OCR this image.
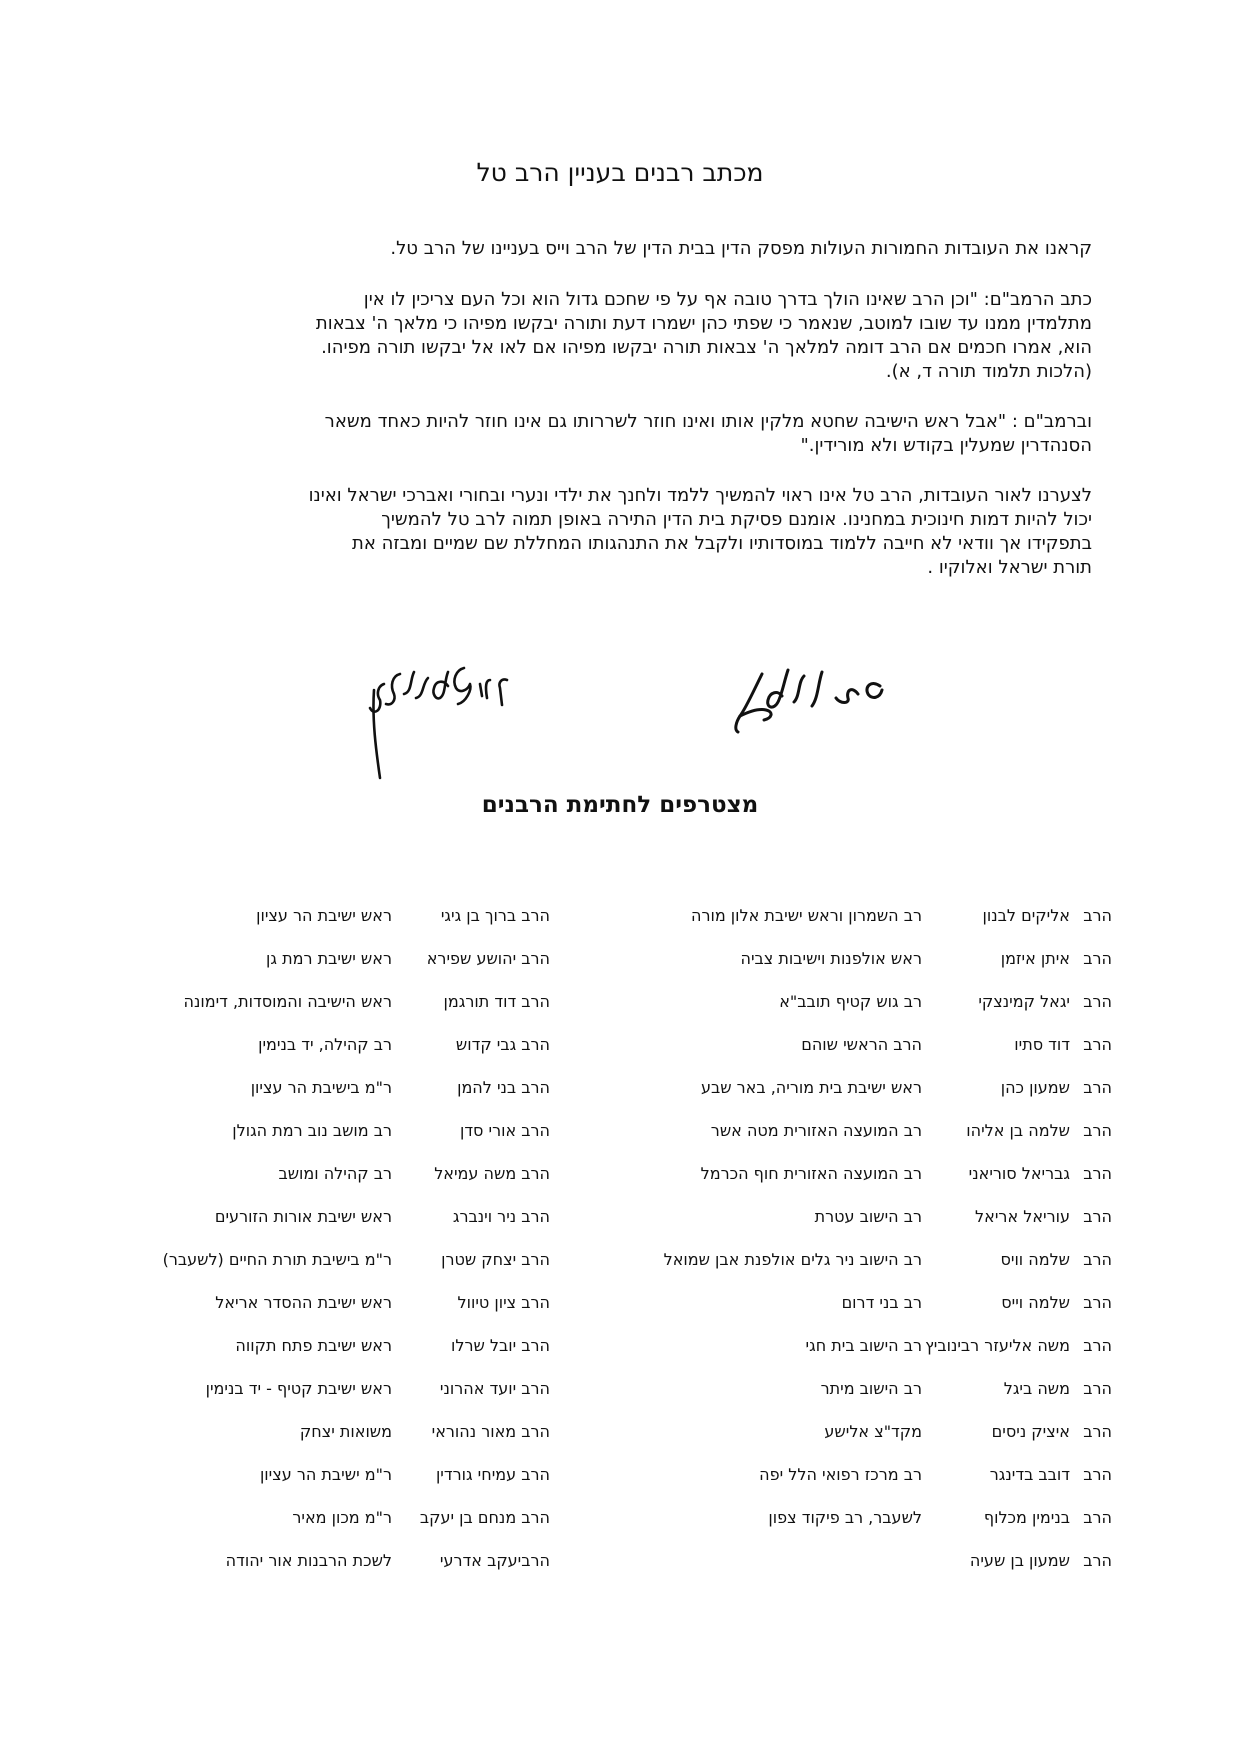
מכתב רבנים בעניין הרב טל
קראנו את העובדות החמורות העולות מפסק הדין בבית הדין של הרב וייס בעניינו של הרב טל.
כתב הרמב"ם: "וכן הרב שאינו הולך בדרך טובה אף על פי שחכם גדול הוא וכל העם צריכין לו אין
מתלמדין ממנו עד שובו למוטב, שנאמר כי שפתי כהן ישמרו דעת ותורה יבקשו מפיהו כי מלאך ה' צבאות
הוא, אמרו חכמים אם הרב דומה למלאך ה' צבאות תורה יבקשו מפיהו אם לאו אל יבקשו תורה מפיהו.
(הלכות תלמוד תורה ד, א).
וברמב"ם : "אבל ראש הישיבה שחטא מלקין אותו ואינו חוזר לשררותו גם אינו חוזר להיות כאחד משאר
הסנהדרין שמעלין בקודש ולא מורידין."
לצערנו לאור העובדות, הרב טל אינו ראוי להמשיך ללמד ולחנך את ילדי ונערי ובחורי ואברכי ישראל ואינו
יכול להיות דמות חינוכית במחנינו. אומנם פסיקת בית הדין התירה באופן תמוה לרב טל להמשיך
בתפקידו אך וודאי לא חייבה ללמוד במוסדותיו ולקבל את התנהגותו המחללת שם שמיים ומבזה את
תורת ישראל ואלוקיו .
מצטרפים לחתימת הרבנים
הרב
אליקים לבנון
רב השמרון וראש ישיבת אלון מורה
הרב ברוך בן גיגי
ראש ישיבת הר עציון
הרב
איתן איזמן
ראש אולפנות וישיבות צביה
הרב יהושע שפירא
ראש ישיבת רמת גן
הרב
יגאל קמינצקי
רב גוש קטיף תובב"א
הרב דוד תורגמן
ראש הישיבה והמוסדות, דימונה
הרב
דוד סתיו
הרב הראשי שוהם
הרב גבי קדוש
רב קהילה, יד בנימין
הרב
שמעון כהן
ראש ישיבת בית מוריה, באר שבע
הרב בני להמן
ר"מ בישיבת הר עציון
הרב
שלמה בן אליהו
רב המועצה האזורית מטה אשר
הרב אורי סדן
רב מושב נוב רמת הגולן
הרב
גבריאל סוריאני
רב המועצה האזורית חוף הכרמל
הרב משה עמיאל
רב קהילה ומושב
הרב
עוריאל אריאל
רב הישוב עטרת
הרב ניר וינברג
ראש ישיבת אורות הזורעים
הרב
שלמה וויס
רב הישוב ניר גלים אולפנת אבן שמואל
הרב יצחק שטרן
ר"מ בישיבת תורת החיים (לשעבר)
הרב
שלמה וייס
רב בני דרום
הרב ציון טיוול
ראש ישיבת ההסדר אריאל
הרב
משה אליעזר רבינוביץ
רב הישוב בית חגי
הרב יובל שרלו
ראש ישיבת פתח תקווה
הרב
משה ביגל
רב הישוב מיתר
הרב יועד אהרוני
ראש ישיבת קטיף - יד בנימין
הרב
איציק ניסים
מקד"צ אלישע
הרב מאור נהוראי
משואות יצחק
הרב
דובב בדינגר
רב מרכז רפואי הלל יפה
הרב עמיחי גורדין
ר"מ ישיבת הר עציון
הרב
בנימין מכלוף
לשעבר, רב פיקוד צפון
הרב מנחם בן יעקב
ר"מ מכון מאיר
הרב
שמעון בן שעיה
הרביעקב אדרעי
לשכת הרבנות אור יהודה
